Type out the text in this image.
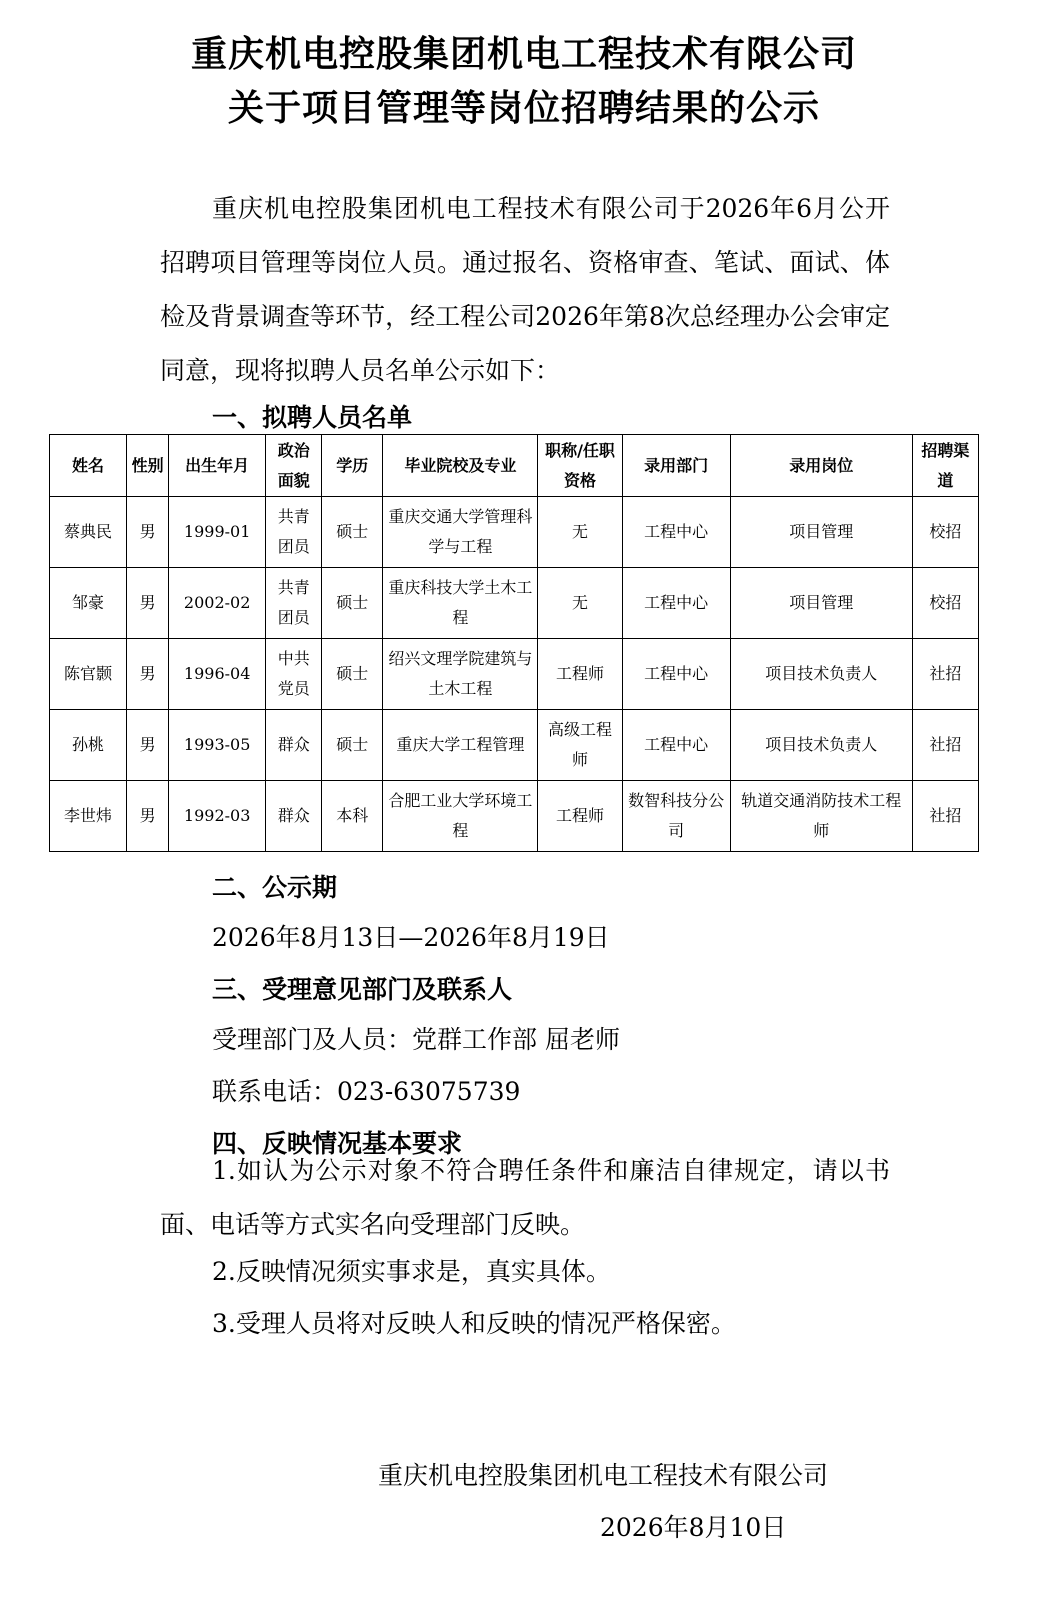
重庆机电控股集团机电工程技术有限公司
关于项目管理等岗位招聘结果的公示
重庆机电控股集团机电工程技术有限公司于2026年6月公开招聘项目管理等岗位人员。通过报名、资格审查、笔试、面试、体检及背景调查等环节，经工程公司2026年第8次总经理办公会审定同意，现将拟聘人员名单公示如下：
一、拟聘人员名单
姓名	性别	出生年月	政治面貌	学历	毕业院校及专业	职称/任职资格	录用部门	录用岗位	招聘渠道
蔡典民	男	1999-01	共青团员	硕士	重庆交通大学管理科学与工程	无	工程中心	项目管理	校招
邹豪	男	2002-02	共青团员	硕士	重庆科技大学土木工程	无	工程中心	项目管理	校招
陈官颢	男	1996-04	中共党员	硕士	绍兴文理学院建筑与土木工程	工程师	工程中心	项目技术负责人	社招
孙桃	男	1993-05	群众	硕士	重庆大学工程管理	高级工程师	工程中心	项目技术负责人	社招
李世炜	男	1992-03	群众	本科	合肥工业大学环境工程	工程师	数智科技分公司	轨道交通消防技术工程师	社招
二、公示期
2026年8月13日—2026年8月19日
三、受理意见部门及联系人
受理部门及人员：党群工作部 屈老师
联系电话：023-63075739
四、反映情况基本要求
1.如认为公示对象不符合聘任条件和廉洁自律规定，请以书面、电话等方式实名向受理部门反映。
2.反映情况须实事求是，真实具体。
3.受理人员将对反映人和反映的情况严格保密。
重庆机电控股集团机电工程技术有限公司
2026年8月10日
